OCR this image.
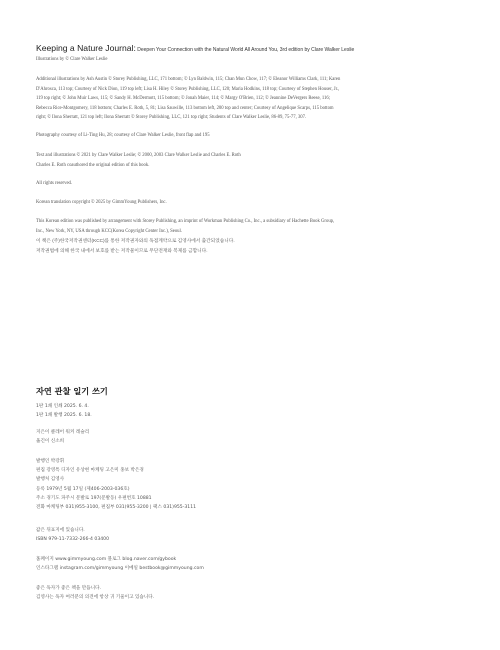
Keeping a Nature Journal: Deepen Your Connection with the Natural World All Around You, 3rd edition by Clare Walker Leslie
Illustrations by © Clare Walker Leslie
Additional illustrations by Ash Austin © Storey Publishing, LLC, 171 bottom; © Lyn Baldwin, 115; Chan Mun Chow, 117; © Eleanor Williams Clark, 111; Karen
D'Ahrosca, 113 top; Courtesy of Nick Dion, 119 top left; Lisa H. Hiley © Storey Publishing, LLC, 120; Maria Hodkins, 118 top; Courtesy of Stephen Houser, Jr.,
119 top right; © John Muir Laws, 115; © Sandy H. McDermott, 115 bottom; © Jonah Maier, 114; © Margy O'Brien, 112; © Jeannine DeVergers Reese, 116;
Rebecca Rice-Montgomery, 118 bottom; Charles E. Roth, 5, 81; Lisa Sauwille, 113 bottom left, 200 top and center; Courtesy of Angelique Scarps, 115 bottom
right; © Ilona Sherratt, 121 top left; Ilona Sherratt © Storey Publishing, LLC, 121 top right; Students of Clare Walker Leslie, 86-89, 75-77, 307.
Photography courtesy of Li-Ting Hu, 28; courtesy of Clare Walker Leslie, front flap and 195
Text and illustrations © 2021 by Clare Walker Leslie; © 2000, 2003 Clare Walker Leslie and Charles E. Roth
Charles E. Roth coauthored the original edition of this book.
All rights reserved.
Korean translation copyright © 2025 by GimmYoung Publishers, Inc.
This Korean edition was published by arrangement with Storey Publishing, an imprint of Workman Publishing Co., Inc., a subsidiary of Hachette Book Group,
Inc., New York, NY, USA through KCC(Korea Copyright Center Inc.), Seoul.
이 책은 (주)한국저작권센터(KCC)를 통한 저작권자와의 독점계약으로 김영사에서 출간되었습니다.
저작권법에 의해 한국 내에서 보호를 받는 저작물이므로 무단전재와 복제를 금합니다.
자연 관찰 일기 쓰기
1판 1쇄 인쇄 2025. 6. 4.
1판 1쇄 발행 2025. 6. 18.
지은이 클레어 워커 레슬리
옮긴이 신소희
발행인 박강휘
편집 강영특 디자인 유상현 마케팅 고은미 홍보 박은경
발행처 김영사
등록 1979년 5월 17일 (제406-2003-036호)
주소 경기도 파주시 문발로 197(문발동) 우편번호 10881
전화 마케팅부 031)955-3100, 편집부 031)955-3200 | 팩스 031)955-3111
값은 뒤표지에 있습니다.
ISBN 979-11-7332-266-4 03400
홈페이지 www.gimmyoung.com 블로그 blog.naver.com/gybook
인스타그램 instagram.com/gimmyoung 이메일 bestbook@gimmyoung.com
좋은 독자가 좋은 책을 만듭니다.
김영사는 독자 여러분의 의견에 항상 귀 기울이고 있습니다.
